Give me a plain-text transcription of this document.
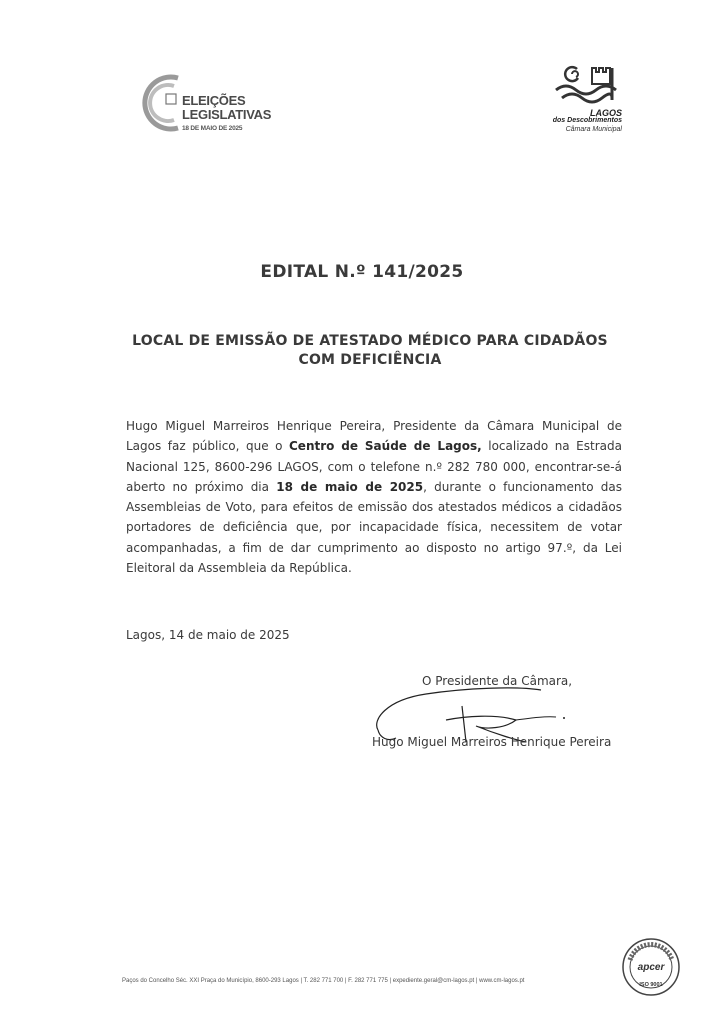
ELEIÇÕES
LEGISLATIVAS
18 DE MAIO DE 2025
LAGOS
dos Descobrimentos
Câmara Municipal
EDITAL N.º 141/2025
LOCAL DE EMISSÃO DE ATESTADO MÉDICO PARA CIDADÃOS
COM DEFICIÊNCIA
Hugo Miguel Marreiros Henrique Pereira, Presidente da Câmara Municipal de Lagos faz público, que o Centro de Saúde de Lagos, localizado na Estrada Nacional 125, 8600-296 LAGOS, com o telefone n.º 282 780 000, encontrar-se-á aberto no próximo dia 18 de maio de 2025, durante o funcionamento das Assembleias de Voto, para efeitos de emissão dos atestados médicos a cidadãos portadores de deficiência que, por incapacidade física, necessitem de votar acompanhadas, a fim de dar cumprimento ao disposto no artigo 97.º, da Lei Eleitoral da Assembleia da República.
Lagos, 14 de maio de 2025
O Presidente da Câmara,
Hugo Miguel Marreiros Henrique Pereira
Paços do Concelho Séc. XXI Praça do Município, 8600-293 Lagos | T. 282 771 700 | F. 282 771 775 | expediente.geral@cm-lagos.pt | www.cm-lagos.pt
apcer
ISO 9001
